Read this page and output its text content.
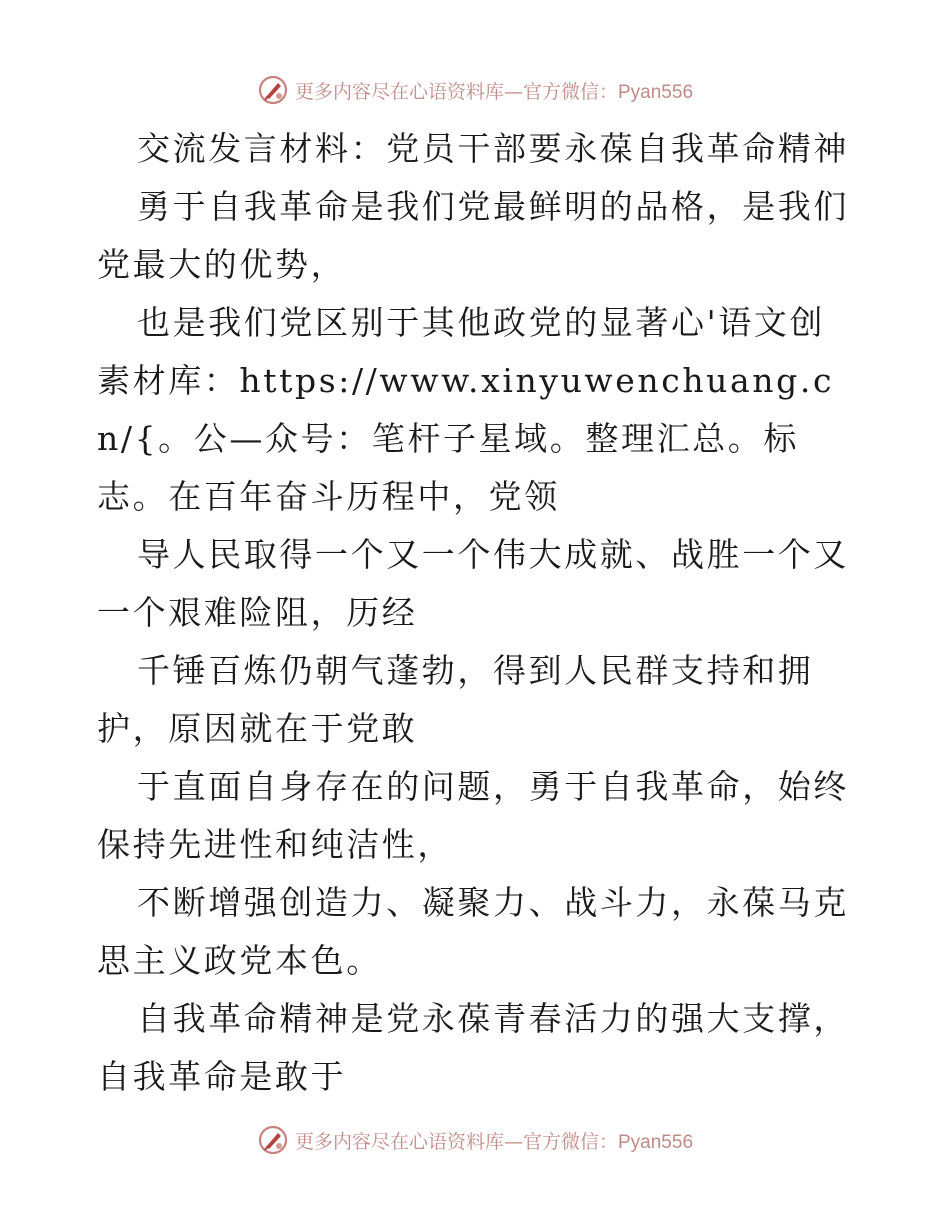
更多内容尽在心语资料库—官方微信：Pyan556

交流发言材料：党员干部要永葆自我革命精神

勇于自我革命是我们党最鲜明的品格，是我们党最大的优势，

也是我们党区别于其他政党的显著心'语文创素材库：https://www.xinyuwenchuang.cn/{。公—众号：笔杆子星域。整理汇总。标志。在百年奋斗历程中，党领

导人民取得一个又一个伟大成就、战胜一个又一个艰难险阻，历经

千锤百炼仍朝气蓬勃，得到人民群支持和拥护，原因就在于党敢

于直面自身存在的问题，勇于自我革命，始终保持先进性和纯洁性，

不断增强创造力、凝聚力、战斗力，永葆马克思主义政党本色。

自我革命精神是党永葆青春活力的强大支撑，自我革命是敢于

更多内容尽在心语资料库—官方微信：Pyan556
